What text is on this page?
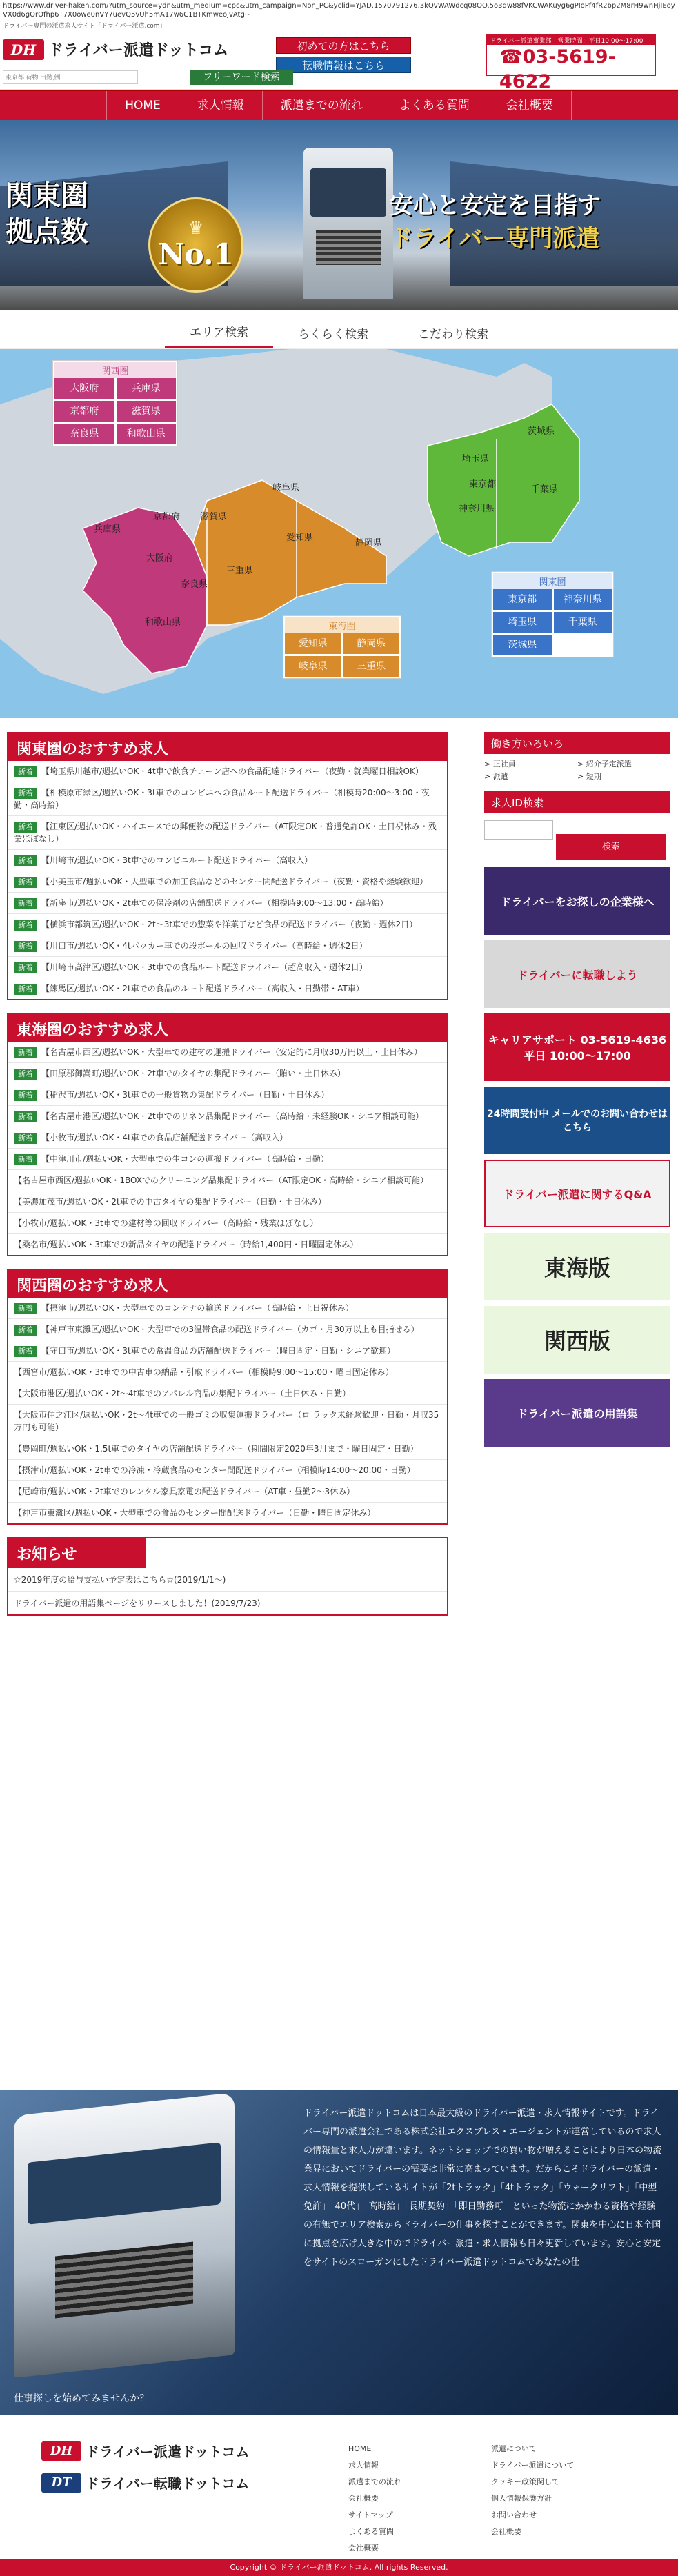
https://www.driver-haken.com/?utm_source=ydn&utm_medium=cpc&utm_campaign=Non_PC&yclid=YJAD.1570791276.3kQvWAWdcq08OO.5o3dw88fVKCWAKuyg6gPIoPf4fR2bp2M8rH9wnHjIEoyVX0d6gOrOfhp6T7X0owe0nVY7uevQ5vUh5mA17w6C1BTKmweojvAtg~
ドライバー専門の派遣求人サイト「ドライバー派遣.com」
DH ドライバー派遣ドットコム	初めての方はこちら
転職情報はこちら
ドライバー派遣事業部　営業時間：平日10:00〜17:00
☎03-5619-4622
東京都 荷物 出勤,例
フリーワード検索
HOME	求人情報	派遣までの流れ	よくある質問	会社概要
関東圏
拠点数	♛
No.1
安心と安定を目指す
ドライバー専門派遣
エリア検索	らくらく検索	こだわり検索
茨城県
埼玉県
千葉県
東京都
神奈川県
岐阜県
愛知県
静岡県
三重県
滋賀県
京都府
兵庫県
大阪府
奈良県
和歌山県
関西圏
大阪府	兵庫県
京都府	滋賀県
奈良県	和歌山県
東海圏
愛知県	静岡県
岐阜県	三重県
関東圏
東京都	神奈川県
埼玉県	千葉県
茨城県
関東圏のおすすめ求人
新着 【埼玉県川越市/週払いOK・4t車で飲食チェーン店への食品配達ドライバー（夜勤・就業曜日相談OK）
新着 【相模原市緑区/週払いOK・3t車でのコンビニへの食品ルート配送ドライバー（相模時20:00〜3:00・夜勤・高時給）
新着 【江東区/週払いOK・ハイエースでの郵便物の配送ドライバー（AT限定OK・普通免許OK・土日祝休み・残業ほぼなし）
新着 【川崎市/週払いOK・3t車でのコンビニルート配送ドライバー（高収入）
新着 【小美玉市/週払いOK・大型車での加工食品などのセンター間配送ドライバー（夜勤・資格や経験歓迎）
新着 【新座市/週払いOK・2t車での保冷剤の店舗配送ドライバー（相模時9:00〜13:00・高時給）
新着 【横浜市都筑区/週払いOK・2t〜3t車での惣菜や洋菓子など食品の配送ドライバー（夜勤・週休2日）
新着 【川口市/週払いOK・4tパッカー車での段ボールの回収ドライバー（高時給・週休2日）
新着 【川崎市高津区/週払いOK・3t車での食品ルート配送ドライバー（超高収入・週休2日）
新着 【練馬区/週払いOK・2t車での食品のルート配送ドライバー（高収入・日勤帯・AT車）
東海圏のおすすめ求人
新着 【名古屋市西区/週払いOK・大型車での建材の運搬ドライバー（安定的に月収30万円以上・土日休み）
新着 【田原郡御嵩町/週払いOK・2t車でのタイヤの集配ドライバー（賄い・土日休み）
新着 【稲沢市/週払いOK・3t車での一般貨物の集配ドライバー（日勤・土日休み）
新着 【名古屋市港区/週払いOK・2t車でのリネン品集配ドライバー（高時給・未経験OK・シニア相談可能）
新着 【小牧市/週払いOK・4t車での食品店舗配送ドライバー（高収入）
新着 【中津川市/週払いOK・大型車での生コンの運搬ドライバー（高時給・日勤）
【名古屋市西区/週払いOK・1BOXでのクリーニング品集配ドライバー（AT限定OK・高時給・シニア相談可能）
【美濃加茂市/週払いOK・2t車での中古タイヤの集配ドライバー（日勤・土日休み）
【小牧市/週払いOK・3t車での建材等の回収ドライバー（高時給・残業ほぼなし）
【桑名市/週払いOK・3t車での新品タイヤの配達ドライバー（時給1,400円・日曜固定休み）
関西圏のおすすめ求人
新着 【摂津市/週払いOK・大型車でのコンテナの輸送ドライバー（高時給・土日祝休み）
新着 【神戸市東灘区/週払いOK・大型車での3温帯食品の配送ドライバー（カゴ・月30万以上も目指せる）
新着 【守口市/週払いOK・3t車での常温食品の店舗配送ドライバー（曜日固定・日勤・シニア歓迎）
【西宮市/週払いOK・3t車での中古車の納品・引取ドライバー（相模時9:00〜15:00・曜日固定休み）
【大阪市港区/週払いOK・2t〜4t車でのアパレル商品の集配ドライバー（土日休み・日勤）
【大阪市住之江区/週払いOK・2t〜4t車での一般ゴミの収集運搬ドライバー（ロ ラック未経験歓迎・日勤・月収35万円も可能）
【豊岡町/週払いOK・1.5t車でのタイヤの店舗配送ドライバー（期間限定2020年3月まで・曜日固定・日勤）
【摂津市/週払いOK・2t車での冷凍・冷蔵食品のセンター間配送ドライバー（相模時14:00〜20:00・日勤）
【尼崎市/週払いOK・2t車でのレンタル家具家電の配送ドライバー（AT車・昼勤2〜3休み）
【神戸市東灘区/週払いOK・大型車での食品のセンター間配送ドライバー（日勤・曜日固定休み）
お知らせ
☆2019年度の給与支払い予定表はこちら☆(2019/1/1〜)
ドライバー派遣の用語集ページをリリースしました！(2019/7/23)
働き方いろいろ
> 正社員	> 紹介予定派遣
> 派遣	> 短期
求人ID検索
検索
ドライバーをお探しの企業様へ
ドライバーに転職しよう
キャリアサポート 03-5619-4636 平日 10:00〜17:00
24時間受付中 メールでのお問い合わせはこちら
ドライバー派遣に関するQ&A
東海版
関西版
ドライバー派遣の用語集
ドライバー派遣ドットコムは日本最大級のドライバー派遣・求人情報サイトです。ドライバー専門の派遣会社である株式会社エクスプレス・エージェントが運営しているので求人の情報量と求人力が違います。ネットショップでの買い物が増えることにより日本の物流業界においてドライバーの需要は非常に高まっています。だからこそドライバーの派遣・求人情報を提供しているサイトが「2tトラック」「4tトラック」「ウォークリフト」「中型免許」「40代」「高時給」「長期契約」「即日勤務可」といった物流にかかわる資格や経験の有無でエリア検索からドライバーの仕事を探すことができます。関東を中心に日本全国に拠点を広げ大きな中のでドライバー派遣・求人情報も日々更新しています。安心と安定をサイトのスローガンにしたドライバー派遣ドットコムであなたの仕
仕事探しを始めてみませんか？
DH ドライバー派遣ドットコム
DT	ドライバー転職ドットコム
HOME
求人情報
派遣までの流れ
会社概要
サイトマップ
よくある質問
会社概要
派遣について
ドライバー派遣について
クッキー政策関して
個人情報保護方針
お問い合わせ
会社概要
Copyright © ドライバー派遣ドットコム. All rights Reserved.
